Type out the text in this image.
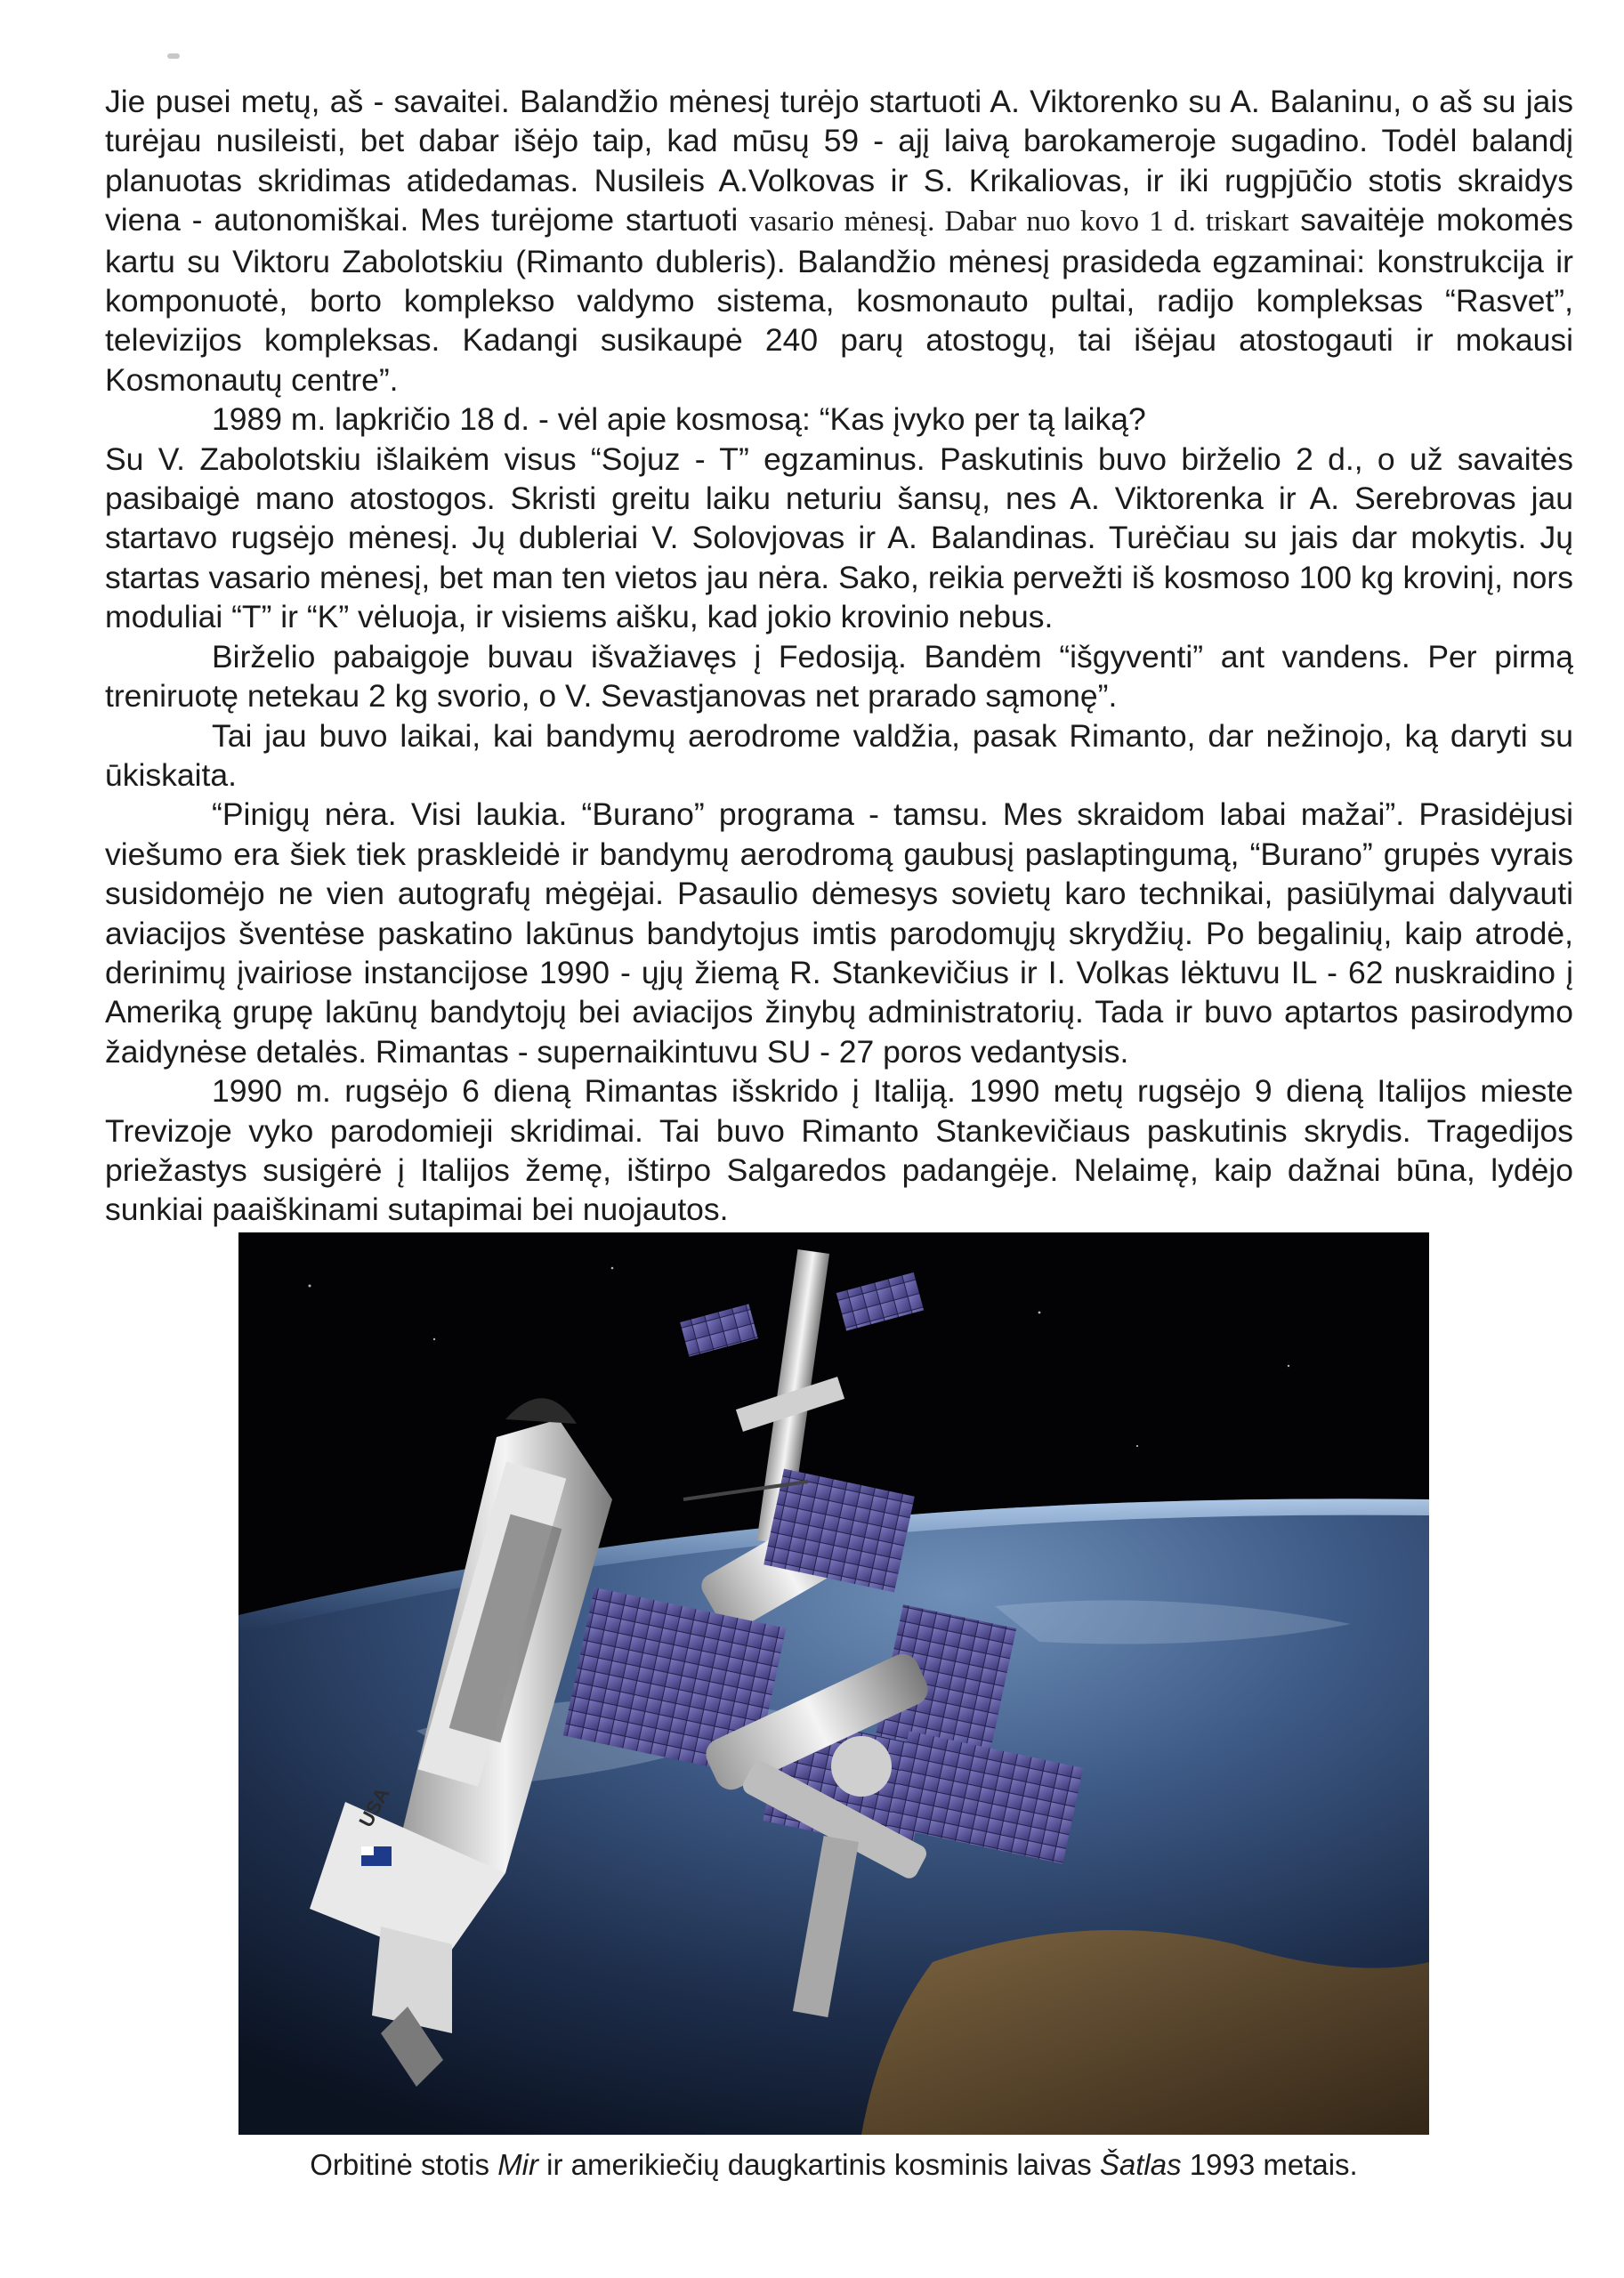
Jie pusei metų, aš - savaitei. Balandžio mėnesį turėjo startuoti A. Viktorenko su A. Balaninu, o aš su jais turėjau nusileisti, bet dabar išėjo taip, kad mūsų 59 - ajį laivą barokameroje sugadino. Todėl balandį planuotas skridimas atidedamas. Nusileis A.Volkovas ir S. Krikaliovas, ir iki rugpjūčio stotis skraidys viena - autonomiškai. Mes turėjome startuoti vasario mėnesį. Dabar nuo kovo 1 d. triskart savaitėje mokomės kartu su Viktoru Zabolotskiu (Rimanto dubleris). Balandžio mėnesį prasideda egzaminai: konstrukcija ir komponuotė, borto komplekso valdymo sistema, kosmonauto pultai, radijo kompleksas “Rasvet”, televizijos kompleksas. Kadangi susikaupė 240 parų atostogų, tai išėjau atostogauti ir mokausi Kosmonautų centre”.

1989 m. lapkričio 18 d. - vėl apie kosmosą: “Kas įvyko per tą laiką?

Su V. Zabolotskiu išlaikėm visus “Sojuz - T” egzaminus. Paskutinis buvo birželio 2 d., o už savaitės pasibaigė mano atostogos. Skristi greitu laiku neturiu šansų, nes A. Viktorenka ir A. Serebrovas jau startavo rugsėjo mėnesį. Jų dubleriai V. Solovjovas ir A. Balandinas. Turėčiau su jais dar mokytis. Jų startas vasario mėnesį, bet man ten vietos jau nėra. Sako, reikia pervežti iš kosmoso 100 kg krovinį, nors moduliai “T” ir “K” vėluoja, ir visiems aišku, kad jokio krovinio nebus.

Birželio pabaigoje buvau išvažiavęs į Fedosiją. Bandėm “išgyventi” ant vandens. Per pirmą treniruotę netekau 2 kg svorio, o V. Sevastjanovas net prarado sąmonę”.

Tai jau buvo laikai, kai bandymų aerodrome valdžia, pasak Rimanto, dar nežinojo, ką daryti su ūkiskaita.

“Pinigų nėra. Visi laukia. “Burano” programa - tamsu. Mes skraidom labai mažai”. Prasidėjusi viešumo era šiek tiek praskleidė ir bandymų aerodromą gaubusį paslaptingumą, “Burano” grupės vyrais susidomėjo ne vien autografų mėgėjai. Pasaulio dėmesys sovietų karo technikai, pasiūlymai dalyvauti aviacijos šventėse paskatino lakūnus bandytojus imtis parodomųjų skrydžių. Po begalinių, kaip atrodė, derinimų įvairiose instancijose 1990 - ųjų žiemą R. Stankevičius ir I. Volkas lėktuvu IL - 62 nuskraidino į Ameriką grupę lakūnų bandytojų bei aviacijos žinybų administratorių. Tada ir buvo aptartos pasirodymo žaidynėse detalės. Rimantas - supernaikintuvu SU - 27 poros vedantysis.

1990 m. rugsėjo 6 dieną Rimantas išskrido į Italiją. 1990 metų rugsėjo 9 dieną Italijos mieste Trevizoje vyko parodomieji skridimai. Tai buvo Rimanto Stankevičiaus paskutinis skrydis. Tragedijos priežastys susigėrė į Italijos žemę, ištirpo Salgaredos padangėje. Nelaimę, kaip dažnai būna, lydėjo sunkiai paaiškinami sutapimai bei nuojautos.

USA
Orbitinė stotis Mir ir amerikiečių daugkartinis kosminis laivas Šatlas 1993 metais.
